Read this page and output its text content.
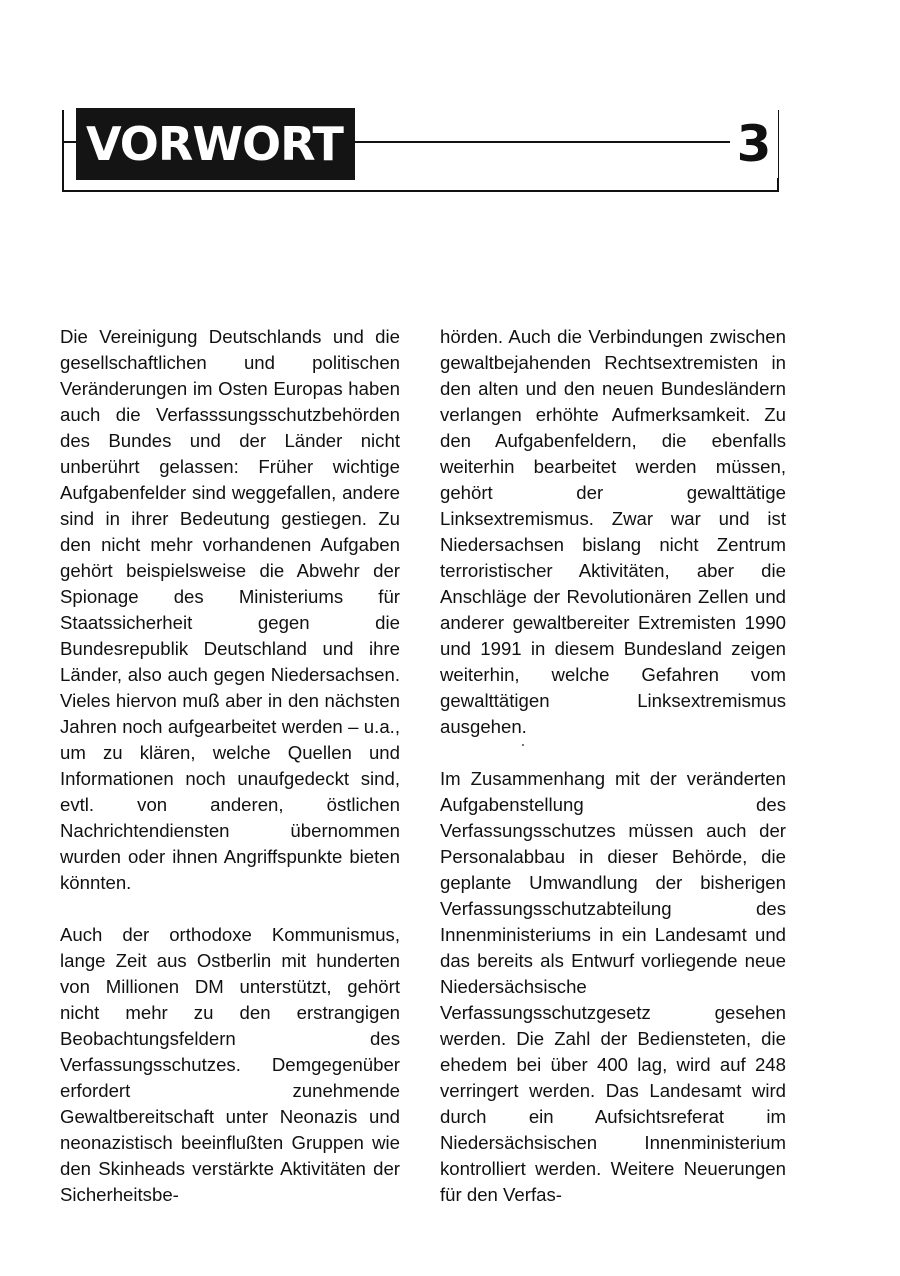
VORWORT	3

Die Vereinigung Deutschlands und die gesellschaftlichen und politischen Veränderungen im Osten Europas haben auch die Verfasssungsschutzbehörden des Bundes und der Länder nicht unberührt gelassen: Früher wichtige Aufgabenfelder sind weggefallen, andere sind in ihrer Bedeutung gestiegen. Zu den nicht mehr vorhandenen Aufgaben gehört beispielsweise die Abwehr der Spionage des Ministeriums für Staatssicherheit gegen die Bundesrepublik Deutschland und ihre Länder, also auch gegen Niedersachsen. Vieles hiervon muß aber in den nächsten Jahren noch aufgearbeitet werden – u.a., um zu klären, welche Quellen und Informationen noch unaufgedeckt sind, evtl. von anderen, östlichen Nachrichtendiensten übernommen wurden oder ihnen Angriffspunkte bieten könnten.

Auch der orthodoxe Kommunismus, lange Zeit aus Ostberlin mit hunderten von Millionen DM unterstützt, gehört nicht mehr zu den erstrangigen Beobachtungsfeldern des Verfassungsschutzes. Demgegenüber erfordert zunehmende Gewaltbereitschaft unter Neonazis und neonazistisch beeinflußten Gruppen wie den Skinheads verstärkte Aktivitäten der Sicherheitsbe-

hörden. Auch die Verbindungen zwischen gewaltbejahenden Rechtsextremisten in den alten und den neuen Bundesländern verlangen erhöhte Aufmerksamkeit. Zu den Aufgabenfeldern, die ebenfalls weiterhin bearbeitet werden müssen, gehört der gewalttätige Linksextremismus. Zwar war und ist Niedersachsen bislang nicht Zentrum terroristischer Aktivitäten, aber die Anschläge der Revolutionären Zellen und anderer gewaltbereiter Extremisten 1990 und 1991 in diesem Bundesland zeigen weiterhin, welche Gefahren vom gewalttätigen Linksextremismus ausgehen.

Im Zusammenhang mit der veränderten Aufgabenstellung des Verfassungsschutzes müssen auch der Personalabbau in dieser Behörde, die geplante Umwandlung der bisherigen Verfassungsschutzabteilung des Innenministeriums in ein Landesamt und das bereits als Entwurf vorliegende neue Niedersächsische Verfassungsschutzgesetz gesehen werden. Die Zahl der Bediensteten, die ehedem bei über 400 lag, wird auf 248 verringert werden. Das Landesamt wird durch ein Aufsichtsreferat im Niedersächsischen Innenministerium kontrolliert werden. Weitere Neuerungen für den Verfas-
